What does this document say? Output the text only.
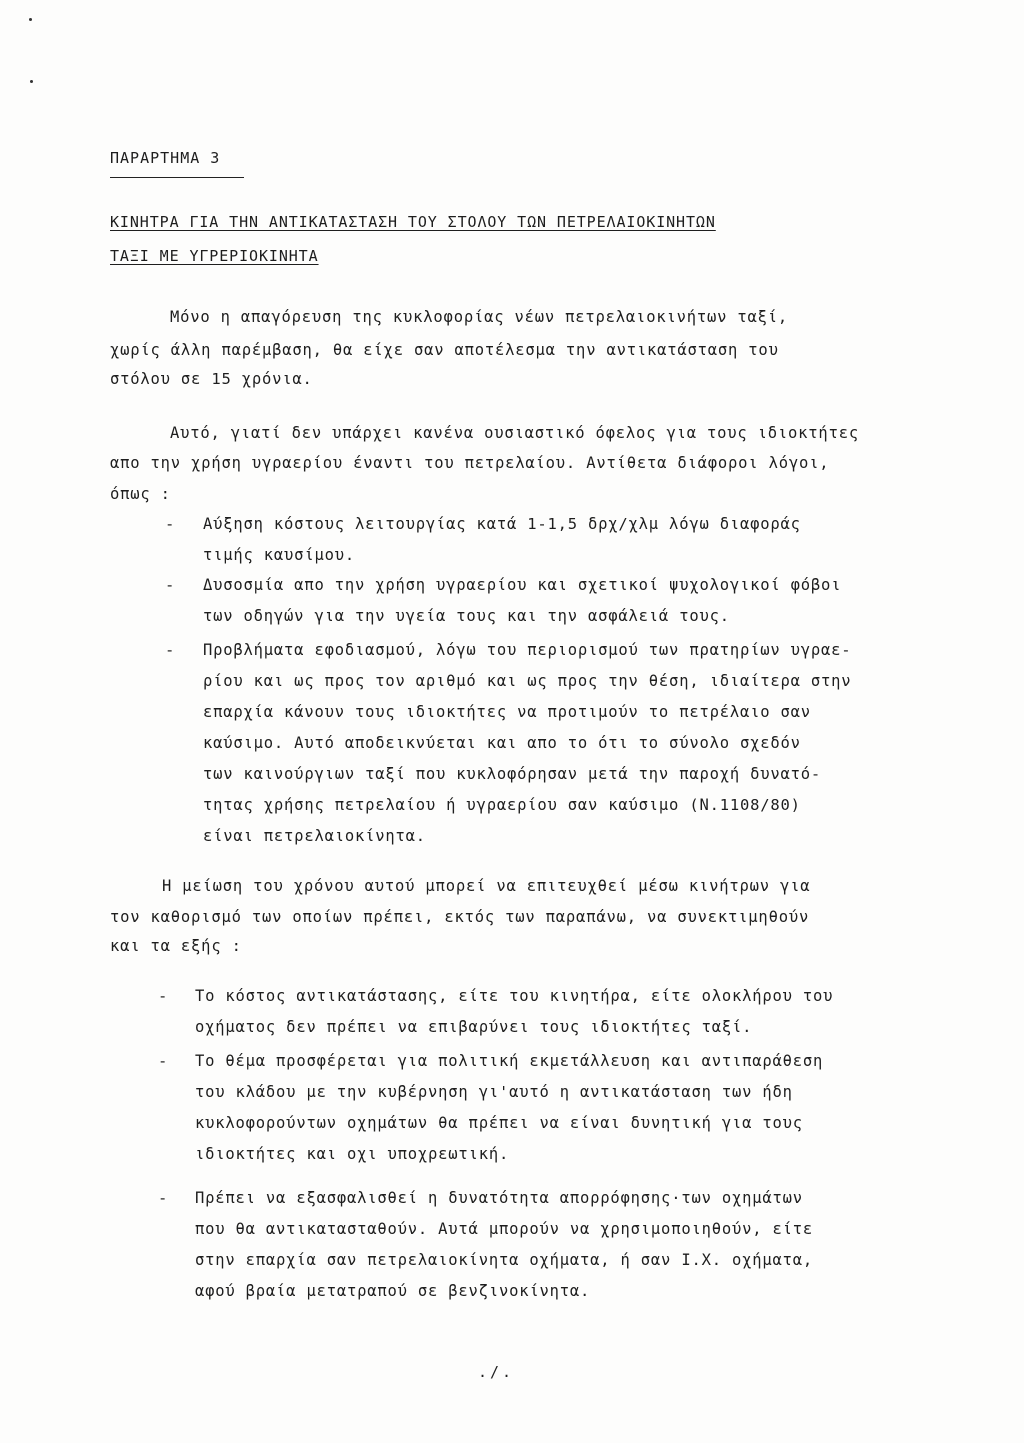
ΠΑΡΑΡΤΗΜΑ 3
ΚΙΝΗΤΡΑ ΓΙΑ ΤΗΝ ΑΝΤΙΚΑΤΑΣΤΑΣΗ ΤΟΥ ΣΤΟΛΟΥ ΤΩΝ ΠΕΤΡΕΛΑΙΟΚΙΝΗΤΩΝ
ΤΑΞΙ ΜΕ ΥΓΡΕΡΙΟΚΙΝΗΤΑ
Μόνο η απαγόρευση της κυκλοφορίας νέων πετρελαιοκινήτων ταξί,
χωρίς άλλη παρέμβαση, θα είχε σαν αποτέλεσμα την αντικατάσταση του
στόλου σε 15 χρόνια.
Αυτό, γιατί δεν υπάρχει κανένα ουσιαστικό όφελος για τους ιδιοκτήτες
απο την χρήση υγραερίου έναντι του πετρελαίου. Αντίθετα διάφοροι λόγοι,
όπως :
- Αύξηση κόστους λειτουργίας κατά 1-1,5 δρχ/χλμ λόγω διαφοράς
τιμής καυσίμου.
- Δυσοσμία απο την χρήση υγραερίου και σχετικοί ψυχολογικοί φόβοι
των οδηγών για την υγεία τους και την ασφάλειά τους.
- Προβλήματα εφοδιασμού, λόγω του περιορισμού των πρατηρίων υγραε-
ρίου και ως προς τον αριθμό και ως προς την θέση, ιδιαίτερα στην
επαρχία κάνουν τους ιδιοκτήτες να προτιμούν το πετρέλαιο σαν
καύσιμο. Αυτό αποδεικνύεται και απο το ότι το σύνολο σχεδόν
των καινούργιων ταξί που κυκλοφόρησαν μετά την παροχή δυνατό-
τητας χρήσης πετρελαίου ή υγραερίου σαν καύσιμο (Ν.1108/80)
είναι πετρελαιοκίνητα.
Η μείωση του χρόνου αυτού μπορεί να επιτευχθεί μέσω κινήτρων για
τον καθορισμό των οποίων πρέπει, εκτός των παραπάνω, να συνεκτιμηθούν
και τα εξής :
- Το κόστος αντικατάστασης, είτε του κινητήρα, είτε ολοκλήρου του
οχήματος δεν πρέπει να επιβαρύνει τους ιδιοκτήτες ταξί.
- Το θέμα προσφέρεται για πολιτική εκμετάλλευση και αντιπαράθεση
του κλάδου με την κυβέρνηση γι'αυτό η αντικατάσταση των ήδη
κυκλοφορούντων οχημάτων θα πρέπει να είναι δυνητική για τους
ιδιοκτήτες και οχι υποχρεωτική.
- Πρέπει να εξασφαλισθεί η δυνατότητα απορρόφησης·των οχημάτων
που θα αντικατασταθούν. Αυτά μπορούν να χρησιμοποιηθούν, είτε
στην επαρχία σαν πετρελαιοκίνητα οχήματα, ή σαν Ι.Χ. οχήματα,
αφού βραία μετατραπού σε βενζινοκίνητα.
./.
